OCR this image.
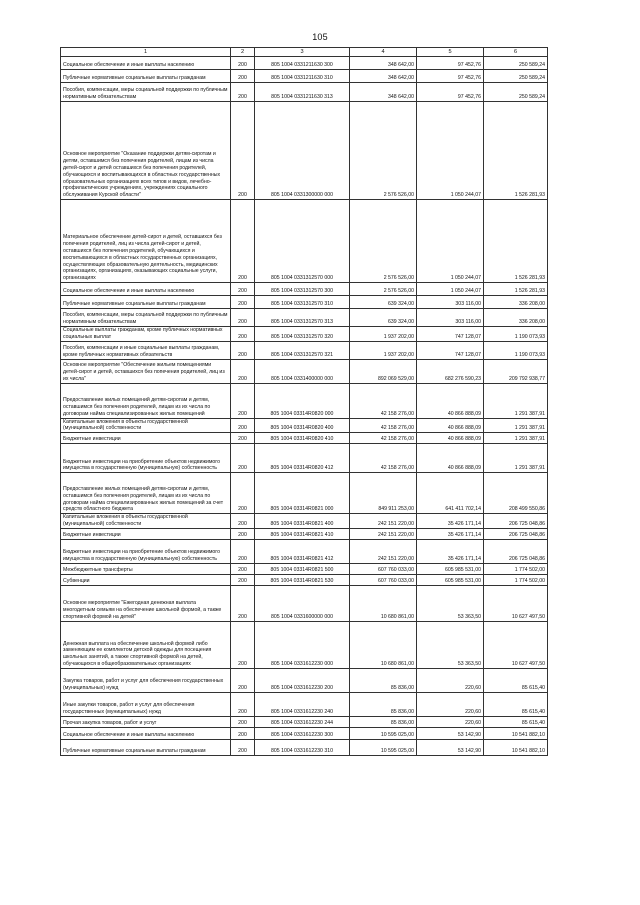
105
1	2	3	4	5	6
Социальное обеспечение и иные выплаты населению	200	805 1004 0331211630 300	348 642,00	97 452,76	250 589,24
Публичные нормативные социальные выплаты гражданам	200	805 1004 0331211630 310	348 642,00	97 452,76	250 589,24
Пособия, компенсации, меры социальной поддержки по публичным нормативным обязательствам	200	805 1004 0331211630 313	348 642,00	97 452,76	250 589,24
Основное мероприятие "Оказание поддержки детям-сиротам и детям, оставшимся без попечения родителей, лицам из числа детей-сирот и детей оставшихся без попечения родителей, обучающихся и воспитывающихся в областных государственных образовательных организациях всех типов и видов, лечебно-профилактических учреждениях, учреждениях социального обслуживания Курской области"	200	805 1004 0331300000 000	2 576 526,00	1 050 244,07	1 526 281,93
Материальное обеспечение детей-сирот и детей, оставшихся без попечения родителей, лиц из числа детей-сирот и детей, оставшихся без попечения родителей, обучающихся и воспитывающихся в областных государственных организациях, осуществляющих образовательную деятельность, медицинских организациях, организациях, оказывающих социальные услуги, организациях	200	805 1004 0331312570 000	2 576 526,00	1 050 244,07	1 526 281,93
Социальное обеспечение и иные выплаты населению	200	805 1004 0331312570 300	2 576 526,00	1 050 244,07	1 526 281,93
Публичные нормативные социальные выплаты гражданам	200	805 1004 0331312570 310	639 324,00	303 116,00	336 208,00
Пособия, компенсации, меры социальной поддержки по публичным нормативным обязательствам	200	805 1004 0331312570 313	639 324,00	303 116,00	336 208,00
Социальные выплаты гражданам, кроме публичных нормативных социальных выплат	200	805 1004 0331312570 320	1 937 202,00	747 128,07	1 190 073,93
Пособия, компенсации и иные социальные выплаты гражданам, кроме публичных нормативных обязательств	200	805 1004 0331312570 321	1 937 202,00	747 128,07	1 190 073,93
Основное мероприятие "Обеспечение жильем помещениями детей-сирот и детей, оставшихся без попечения родителей, лиц из их числа"	200	805 1004 0331400000 000	892 069 529,00	682 276 590,23	209 792 938,77
Предоставление жилых помещений детям-сиротам и детям, оставшимся без попечения родителей, лицам из их числа по договорам найма специализированных жилых помещений	200	805 1004 03314R0820 000	42 158 276,00	40 866 888,09	1 291 387,91
Капитальные вложения в объекты государственной (муниципальной) собственности	200	805 1004 03314R0820 400	42 158 276,00	40 866 888,09	1 291 387,91
Бюджетные инвестиции	200	805 1004 03314R0820 410	42 158 276,00	40 866 888,09	1 291 387,91
Бюджетные инвестиции на приобретение объектов недвижимого имущества в государственную (муниципальную) собственность	200	805 1004 03314R0820 412	42 158 276,00	40 866 888,09	1 291 387,91
Предоставление жилых помещений детям-сиротам и детям, оставшимся без попечения родителей, лицам из их числа по договорам найма специализированных жилых помещений за счет средств областного бюджета	200	805 1004 03314R0821 000	849 911 253,00	641 411 702,14	208 499 550,86
Капитальные вложения в объекты государственной (муниципальной) собственности	200	805 1004 03314R0821 400	242 151 220,00	35 426 171,14	206 725 048,86
Бюджетные инвестиции	200	805 1004 03314R0821 410	242 151 220,00	35 426 171,14	206 725 048,86
Бюджетные инвестиции на приобретение объектов недвижимого имущества в государственную (муниципальную) собственность	200	805 1004 03314R0821 412	242 151 220,00	35 426 171,14	206 725 048,86
Межбюджетные трансферты	200	805 1004 03314R0821 500	607 760 033,00	605 985 531,00	1 774 502,00
Субвенции	200	805 1004 03314R0821 530	607 760 033,00	605 985 531,00	1 774 502,00
Основное мероприятие "Ежегодная денежная выплата многодетным семьям на обеспечение школьной формой, а также спортивной формой на детей"	200	805 1004 0331600000 000	10 680 861,00	53 363,50	10 627 497,50
Денежная выплата на обеспечение школьной формой либо заменяющим ее комплектом детской одежды для посещения школьных занятий, а также спортивной формой на детей, обучающихся в общеобразовательных организациях	200	805 1004 0331612230 000	10 680 861,00	53 363,50	10 627 497,50
Закупка товаров, работ и услуг для обеспечения государственных (муниципальных) нужд	200	805 1004 0331612230 200	85 836,00	220,60	85 615,40
Иные закупки товаров, работ и услуг для обеспечения государственных (муниципальных) нужд	200	805 1004 0331612230 240	85 836,00	220,60	85 615,40
Прочая закупка товаров, работ и услуг	200	805 1004 0331612230 244	85 836,00	220,60	85 615,40
Социальное обеспечение и иные выплаты населению	200	805 1004 0331612230 300	10 595 025,00	53 142,90	10 541 882,10
Публичные нормативные социальные выплаты гражданам	200	805 1004 0331612230 310	10 595 025,00	53 142,90	10 541 882,10
